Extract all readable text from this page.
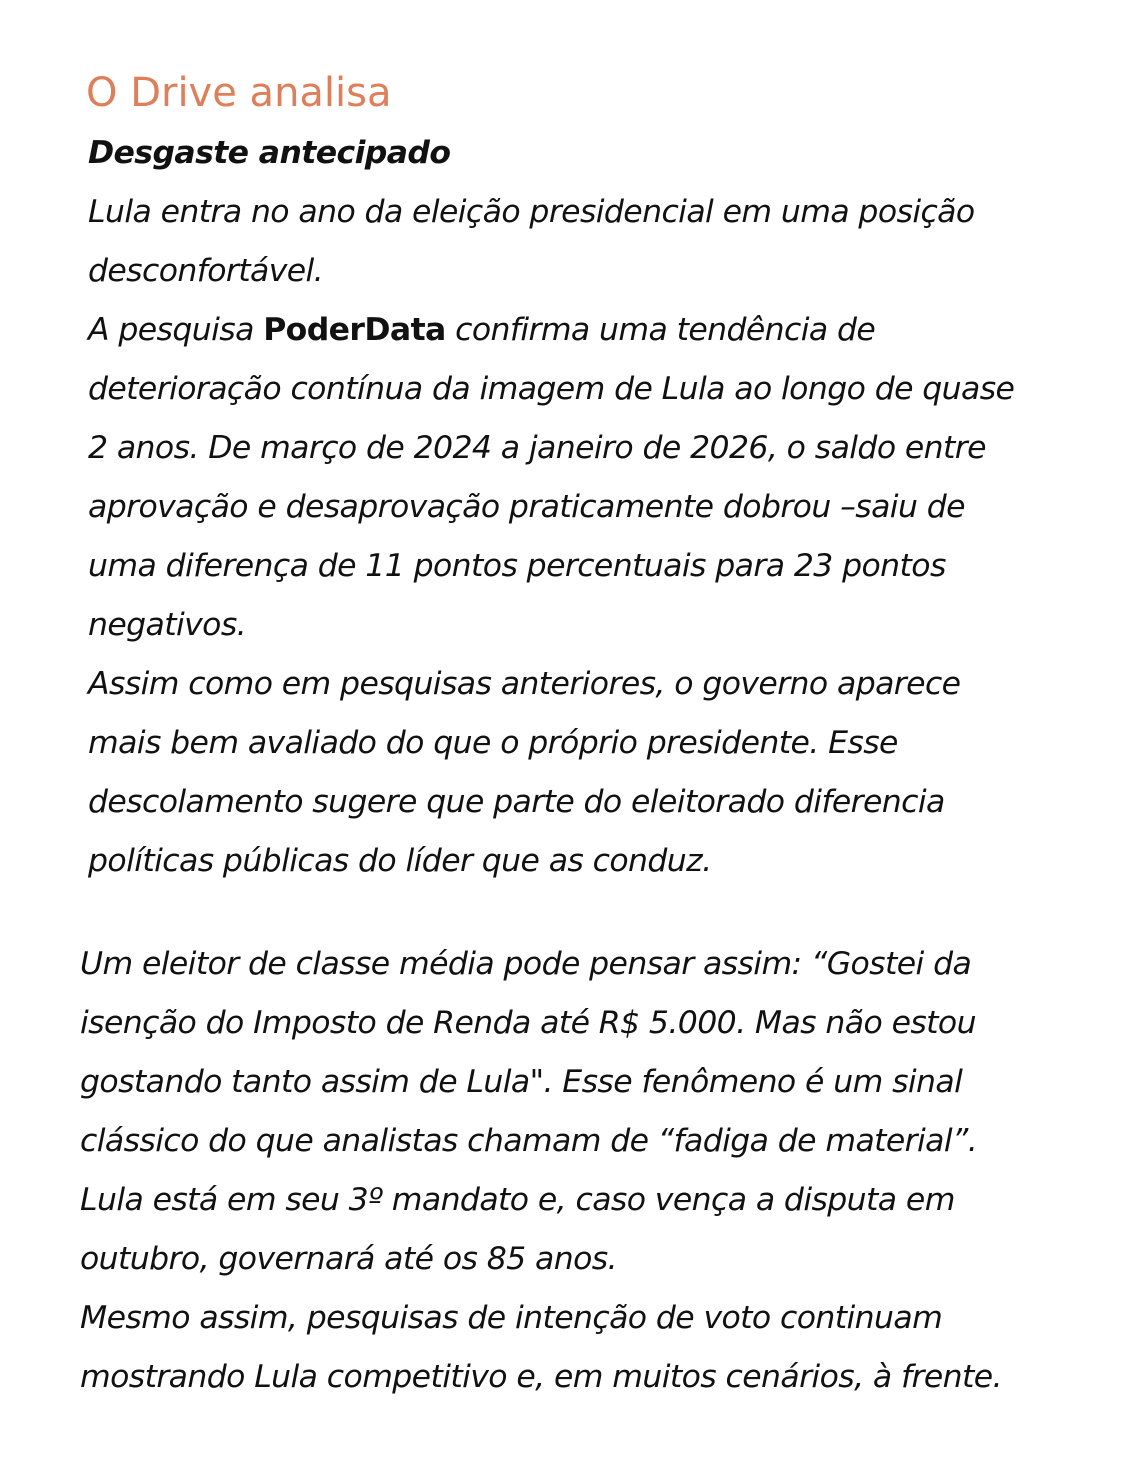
O Drive analisa
Desgaste antecipado
Lula entra no ano da eleição presidencial em uma posição
desconfortável.
A pesquisa PoderData confirma uma tendência de
deterioração contínua da imagem de Lula ao longo de quase
2 anos. De março de 2024 a janeiro de 2026, o saldo entre
aprovação e desaprovação praticamente dobrou –saiu de
uma diferença de 11 pontos percentuais para 23 pontos
negativos.
Assim como em pesquisas anteriores, o governo aparece
mais bem avaliado do que o próprio presidente. Esse
descolamento sugere que parte do eleitorado diferencia
políticas públicas do líder que as conduz.
Um eleitor de classe média pode pensar assim: “Gostei da
isenção do Imposto de Renda até R$ 5.000. Mas não estou
gostando tanto assim de Lula". Esse fenômeno é um sinal
clássico do que analistas chamam de “fadiga de material”.
Lula está em seu 3º mandato e, caso vença a disputa em
outubro, governará até os 85 anos.
Mesmo assim, pesquisas de intenção de voto continuam
mostrando Lula competitivo e, em muitos cenários, à frente.
